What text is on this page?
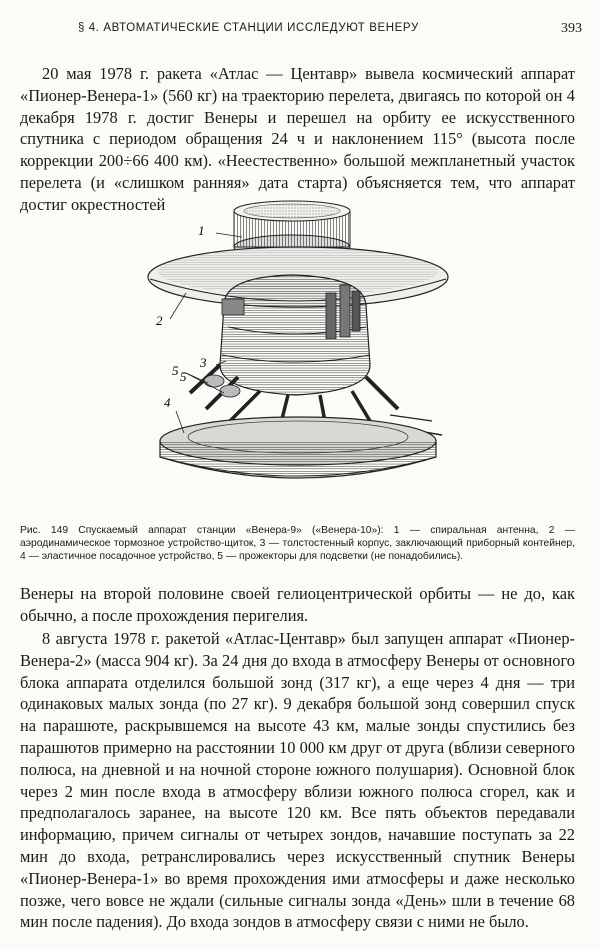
§ 4. АВТОМАТИЧЕСКИЕ СТАНЦИИ ИССЛЕДУЮТ ВЕНЕРУ	393

20 мая 1978 г. ракета «Атлас — Центавр» вывела космический аппарат «Пионер-Венера-1» (560 кг) на траекторию перелета, двигаясь по которой он 4 декабря 1978 г. достиг Венеры и перешел на орбиту ее искусственного спутника с периодом обращения 24 ч и наклонением 115° (высота после коррекции 200÷66 400 км). «Неестественно» большой межпланетный участок перелета (и «слишком ранняя» дата старта) объясняется тем, что аппарат достиг окрестностей

1
2
3
4
5 5

Рис. 149 Спускаемый аппарат станции «Венера-9» («Венера-10»): 1 — спиральная антенна, 2 — аэродинамическое тормозное устройство-щиток, 3 — толстостенный корпус, заключающий приборный контейнер, 4 — эластичное посадочное устройство, 5 — прожекторы для подсветки (не понадобились).

Венеры на второй половине своей гелиоцентрической орбиты — не до, как обычно, а после прохождения перигелия.

8 августа 1978 г. ракетой «Атлас-Центавр» был запущен аппарат «Пионер-Венера-2» (масса 904 кг). За 24 дня до входа в атмосферу Венеры от основного блока аппарата отделился большой зонд (317 кг), а еще через 4 дня — три одинаковых малых зонда (по 27 кг). 9 декабря большой зонд совершил спуск на парашюте, раскрывшемся на высоте 43 км, малые зонды спустились без парашютов примерно на расстоянии 10 000 км друг от друга (вблизи северного полюса, на дневной и на ночной стороне южного полушария). Основной блок через 2 мин после входа в атмосферу вблизи южного полюса сгорел, как и предполагалось заранее, на высоте 120 км. Все пять объектов передавали информацию, причем сигналы от четырех зондов, начавшие поступать за 22 мин до входа, ретранслировались через искусственный спутник Венеры «Пионер-Венера-1» во время прохождения ими атмосферы и даже несколько позже, чего вовсе не ждали (сильные сигналы зонда «День» шли в течение 68 мин после падения). До входа зондов в атмосферу связи с ними не было.
